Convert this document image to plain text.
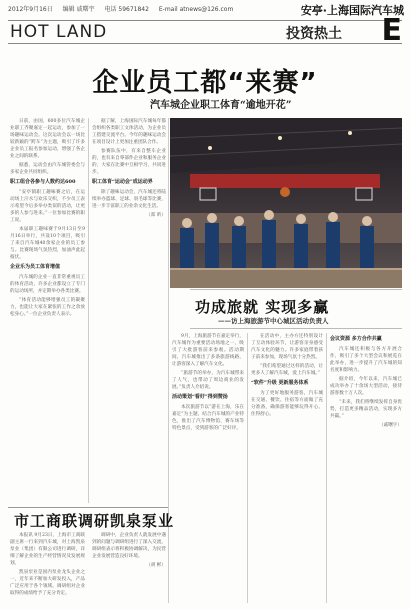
2012年9月16日 编辑 戚曙宇 电话 59671842 E-mail atnews@126.com	安亭·上海国际汽车城
HOT LAND	投资热土 E
企业员工都“来赛”
汽车城企业职工体育“逾地开花”

日前，由国，600多位汽车城企业职工齐聚嘉定一起运动，参加了一场趣味运动会。这次运动会以一场比较新颖的“跨车”为主题，吸引了许多企业员工报名参加运动，增强了各企业之间的联系。

据悉，运动会由汽车城管委会与多家企业共同组织。

职工组合各参与人数约达600

“安亭镇职工趣味赛之后，在运动场上汗水与欢乐交织，不少员工表示希望今后多举办类似的活动，让更多的人参与进来。”一位参加比赛的职工说。

本届职工趣味赛于9月13日至9月16日举行，共设10个项目，吸引了来自汽车城40余家企业的员工参与。比赛现场气氛热烈，加油声此起彼伏。

企业乐为员工体育增值

汽车城的企业一直非常重视员工的体育活动，许多企业都设立了专门的运动场所，并定期举办各类比赛。

“体育活动能够增强员工的凝聚力，也能让大家在紧张的工作之余放松身心。”一位企业负责人表示。

据了解，上海国际汽车城每年都会组织各类职工文体活动，为企业员工搭建交流平台。今年的趣味运动会在项目设计上更加注重团队合作。

参赛队伍中，有来自整车企业的，也有来自零部件企业和服务企业的，大家在比赛中互相学习，共同进步。

职工体育“运动会”成运动界

除了趣味运动会，汽车城还将陆续举办篮球、足球、羽毛球等比赛，进一步丰富职工的业余文化生活。

（郑 昕）

功成旅就 实现多赢
——访上海旅游节中心城区活动负责人

9月，上海旅游节在嘉定举行，汽车城作为重要活动场地之一，吸引了大批游客前来参观。活动期间，汽车城推出了多条旅游线路，让游客深入了解汽车文化。

“旅游节的举办，为汽车城带来了人气，也带动了周边商业的发展。”负责人介绍说。

活动策划“看好”得到赞扬

本次旅游节以“游在上海，乐在嘉定”为主题，结合汽车城的产业特色，推出了汽车博物馆、赛车场等特色景点，受到游客的广泛好评。

在活动中，主办方还特别设计了互动体验环节，让游客亲身感受汽车文化的魅力。许多家庭带着孩子前来参加，现场气氛十分热烈。

“我们希望通过这样的活动，让更多人了解汽车城，爱上汽车城。”

“软件”升级 更新服务体系

为了更好地服务游客，汽车城在交通、餐饮、住宿等方面做了充分准备，确保游客能够玩得开心、住得舒心。

会议资源 多方合作共赢

汽车城还积极与各方开展合作，吸引了多个大型会议和展览在此举办，进一步提升了汽车城的知名度和影响力。

据介绍，今年以来，汽车城已成功举办了十余场大型活动，接待游客数十万人次。

“未来，我们将继续发挥自身优势，打造更多精品活动，实现多方共赢。”

（戚曙宇）

市工商联调研凯泉泵业

本报讯 9月23日，上海市工商联副主席一行来到汽车城，对上海凯泉泵业（集团）有限公司进行调研，详细了解企业的生产经营情况及发展规划。

凯泉泵业是国内泵业龙头企业之一，近年来不断加大研发投入，产品广泛应用于各个领域。调研组对企业取得的成绩给予了充分肯定。

调研中，企业负责人就发展中遇到的问题与调研组进行了深入交流，调研组表示将积极协调解决，为民营企业发展营造良好环境。

（胡 彬）
